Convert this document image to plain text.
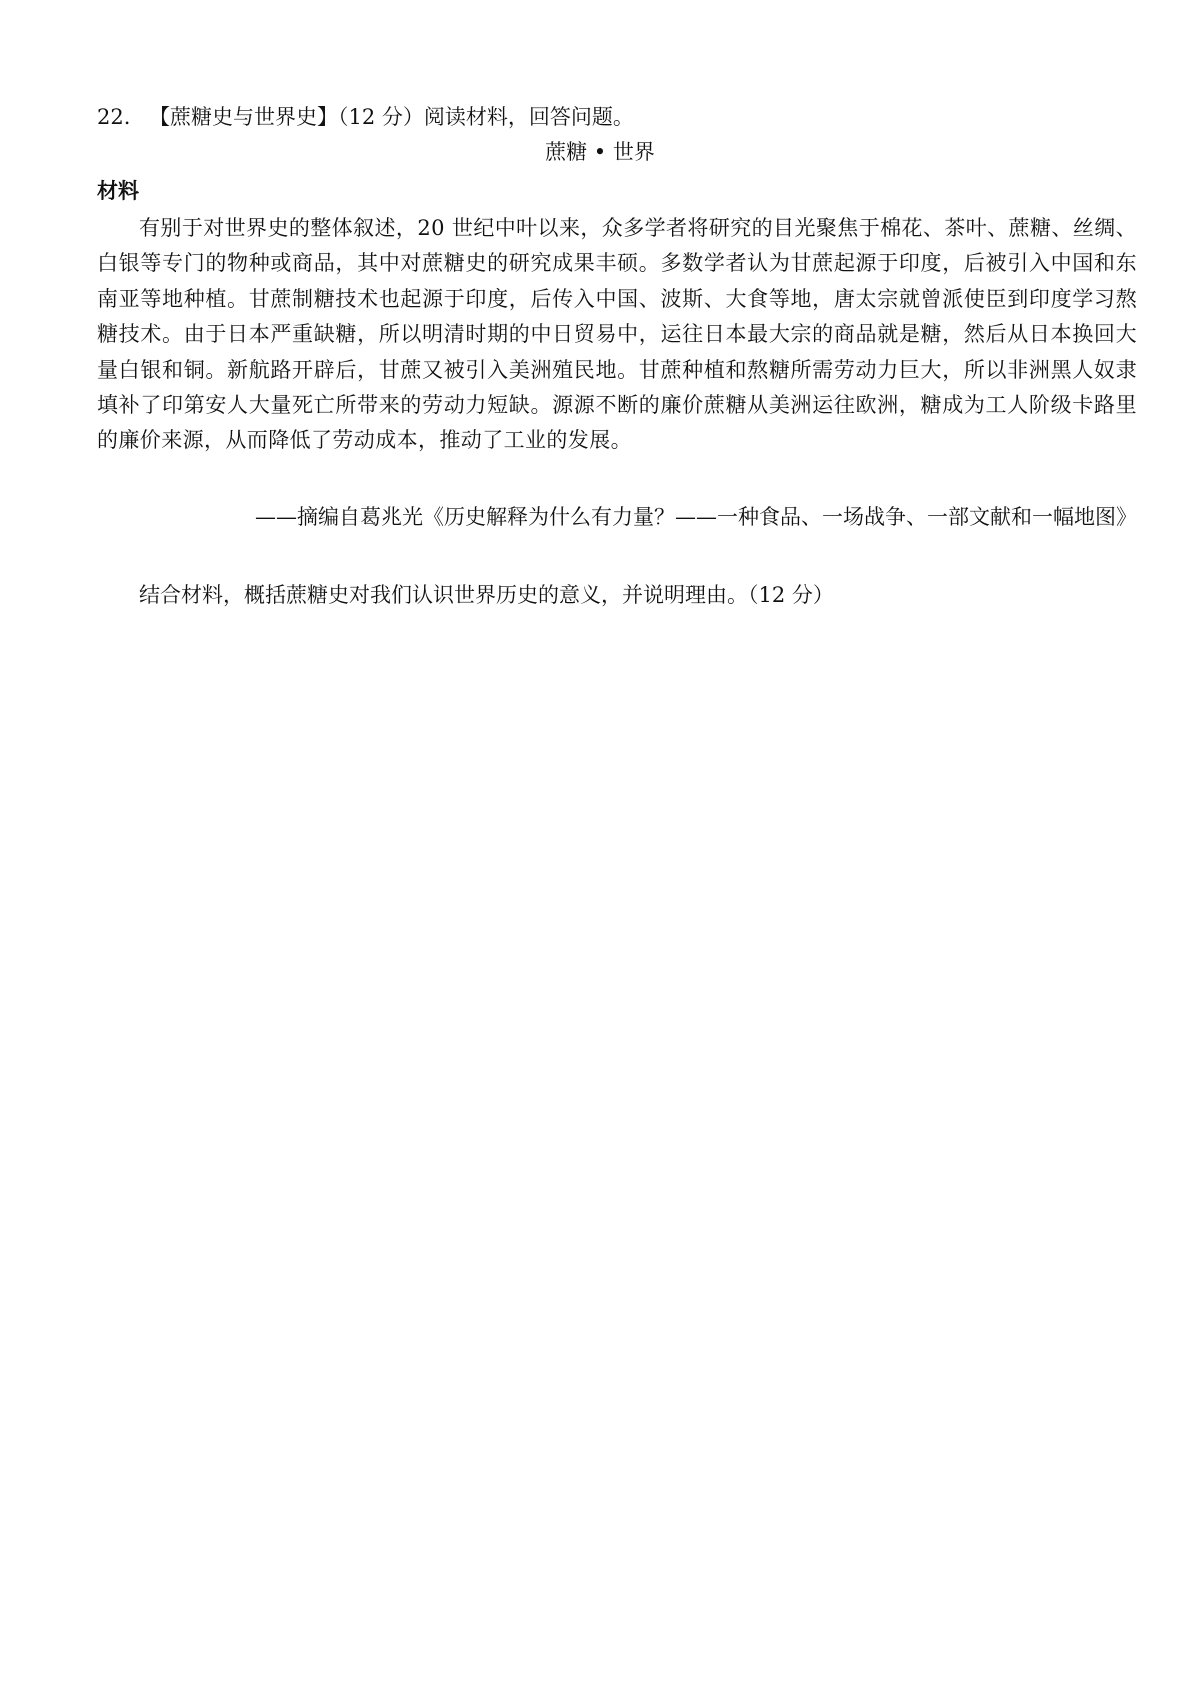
22. 【蔗糖史与世界史】（12 分）阅读材料，回答问题。
蔗糖 • 世界
材料
有别于对世界史的整体叙述，20 世纪中叶以来，众多学者将研究的目光聚焦于棉花、茶叶、蔗糖、丝绸、白银等专门的物种或商品，其中对蔗糖史的研究成果丰硕。多数学者认为甘蔗起源于印度，后被引入中国和东南亚等地种植。甘蔗制糖技术也起源于印度，后传入中国、波斯、大食等地，唐太宗就曾派使臣到印度学习熬糖技术。由于日本严重缺糖，所以明清时期的中日贸易中，运往日本最大宗的商品就是糖，然后从日本换回大量白银和铜。新航路开辟后，甘蔗又被引入美洲殖民地。甘蔗种植和熬糖所需劳动力巨大，所以非洲黑人奴隶填补了印第安人大量死亡所带来的劳动力短缺。源源不断的廉价蔗糖从美洲运往欧洲，糖成为工人阶级卡路里的廉价来源，从而降低了劳动成本，推动了工业的发展。
——摘编自葛兆光《历史解释为什么有力量？——一种食品、一场战争、一部文献和一幅地图》
结合材料，概括蔗糖史对我们认识世界历史的意义，并说明理由。（12 分）
